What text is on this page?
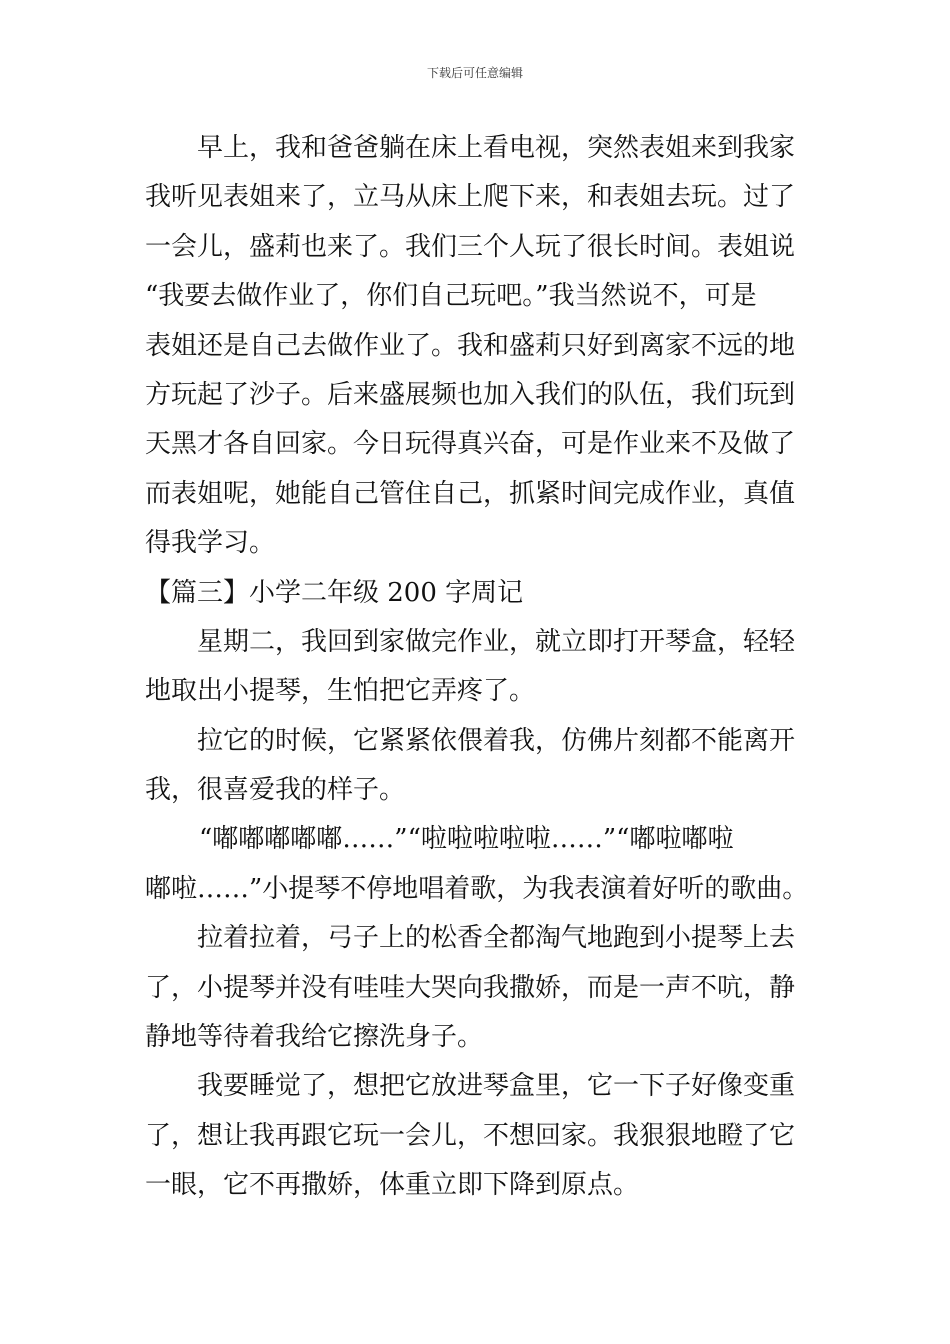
下载后可任意编辑
早上，我和爸爸躺在床上看电视，突然表姐来到我家
我听见表姐来了，立马从床上爬下来，和表姐去玩。过了
一会儿，盛莉也来了。我们三个人玩了很长时间。表姐说
“我要去做作业了，你们自己玩吧。”我当然说不，可是
表姐还是自己去做作业了。我和盛莉只好到离家不远的地
方玩起了沙子。后来盛展频也加入我们的队伍，我们玩到
天黑才各自回家。今日玩得真兴奋，可是作业来不及做了
而表姐呢，她能自己管住自己，抓紧时间完成作业，真值
得我学习。
【篇三】小学二年级 200 字周记
星期二，我回到家做完作业，就立即打开琴盒，轻轻
地取出小提琴，生怕把它弄疼了。
拉它的时候，它紧紧依偎着我，仿佛片刻都不能离开
我，很喜爱我的样子。
“嘟嘟嘟嘟嘟……”“啦啦啦啦啦……”“嘟啦嘟啦
嘟啦……”小提琴不停地唱着歌，为我表演着好听的歌曲。
拉着拉着，弓子上的松香全都淘气地跑到小提琴上去
了，小提琴并没有哇哇大哭向我撒娇，而是一声不吭，静
静地等待着我给它擦洗身子。
我要睡觉了，想把它放进琴盒里，它一下子好像变重
了，想让我再跟它玩一会儿，不想回家。我狠狠地瞪了它
一眼，它不再撒娇，体重立即下降到原点。
